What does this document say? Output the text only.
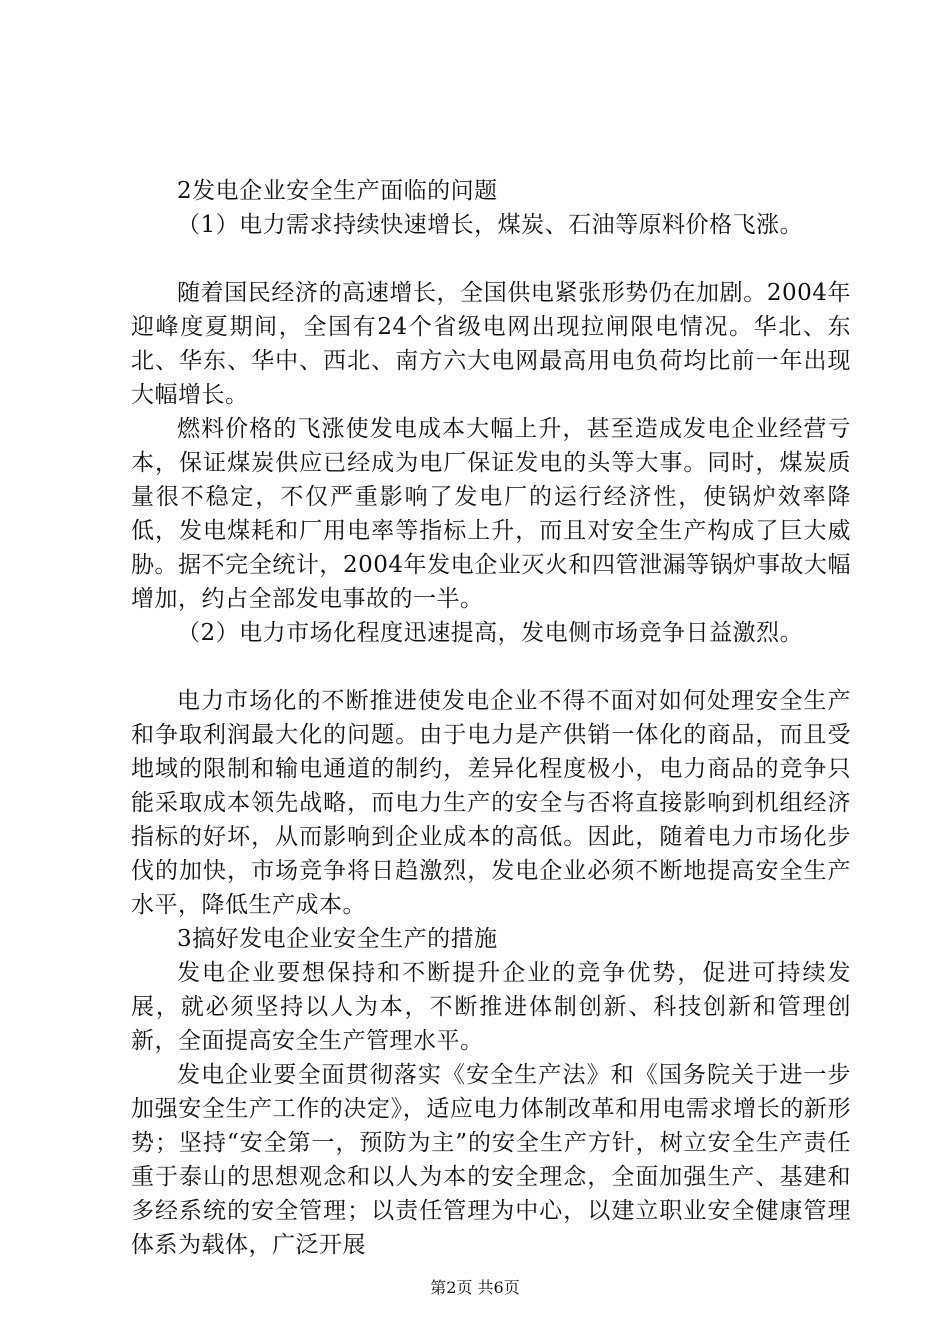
2发电企业安全生产面临的问题

（1）电力需求持续快速增长，煤炭、石油等原料价格飞涨。

随着国民经济的高速增长，全国供电紧张形势仍在加剧。2004年迎峰度夏期间，全国有24个省级电网出现拉闸限电情况。华北、东北、华东、华中、西北、南方六大电网最高用电负荷均比前一年出现大幅增长。

燃料价格的飞涨使发电成本大幅上升，甚至造成发电企业经营亏本，保证煤炭供应已经成为电厂保证发电的头等大事。同时，煤炭质量很不稳定，不仅严重影响了发电厂的运行经济性，使锅炉效率降低，发电煤耗和厂用电率等指标上升，而且对安全生产构成了巨大威胁。据不完全统计，2004年发电企业灭火和四管泄漏等锅炉事故大幅增加，约占全部发电事故的一半。

（2）电力市场化程度迅速提高，发电侧市场竞争日益激烈。

电力市场化的不断推进使发电企业不得不面对如何处理安全生产和争取利润最大化的问题。由于电力是产供销一体化的商品，而且受地域的限制和输电通道的制约，差异化程度极小，电力商品的竞争只能采取成本领先战略，而电力生产的安全与否将直接影响到机组经济指标的好坏，从而影响到企业成本的高低。因此，随着电力市场化步伐的加快，市场竞争将日趋激烈，发电企业必须不断地提高安全生产水平，降低生产成本。

3搞好发电企业安全生产的措施

发电企业要想保持和不断提升企业的竞争优势，促进可持续发展，就必须坚持以人为本，不断推进体制创新、科技创新和管理创新，全面提高安全生产管理水平。

发电企业要全面贯彻落实《安全生产法》和《国务院关于进一步加强安全生产工作的决定》，适应电力体制改革和用电需求增长的新形势；坚持“安全第一，预防为主”的安全生产方针，树立安全生产责任重于泰山的思想观念和以人为本的安全理念，全面加强生产、基建和多经系统的安全管理；以责任管理为中心，以建立职业安全健康管理体系为载体，广泛开展

第2页 共6页
